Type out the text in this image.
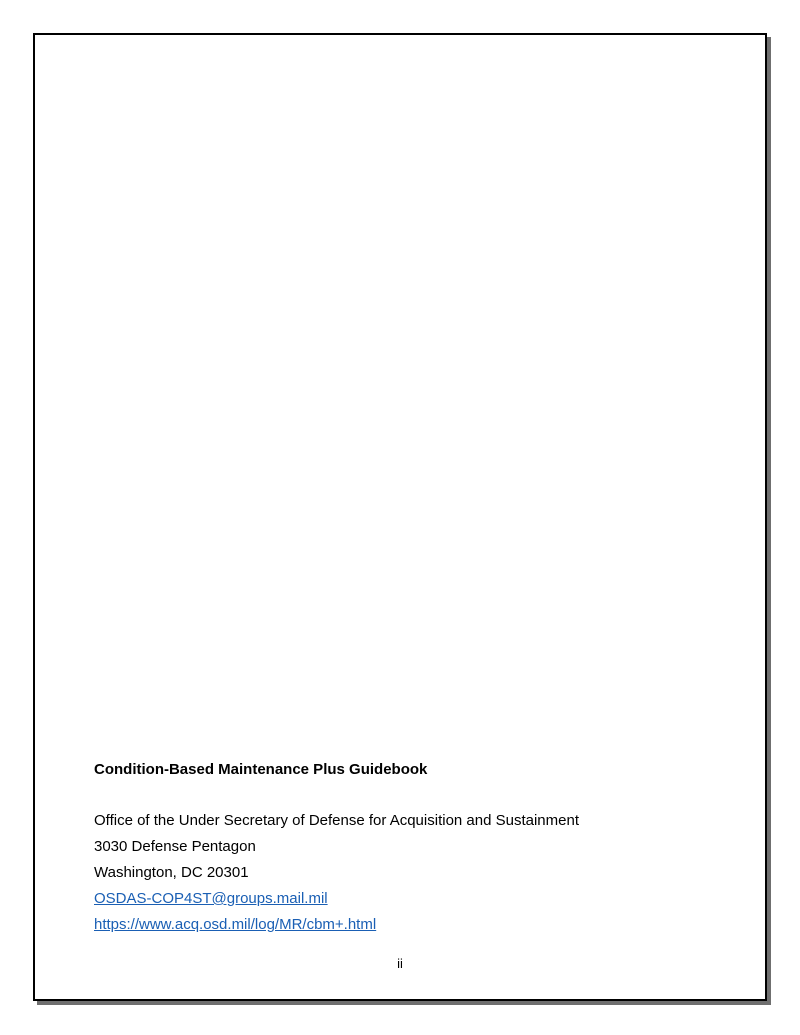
Condition-Based Maintenance Plus Guidebook
Office of the Under Secretary of Defense for Acquisition and Sustainment
3030 Defense Pentagon
Washington, DC 20301
OSDAS-COP4ST@groups.mail.mil
https://www.acq.osd.mil/log/MR/cbm+.html
ii
